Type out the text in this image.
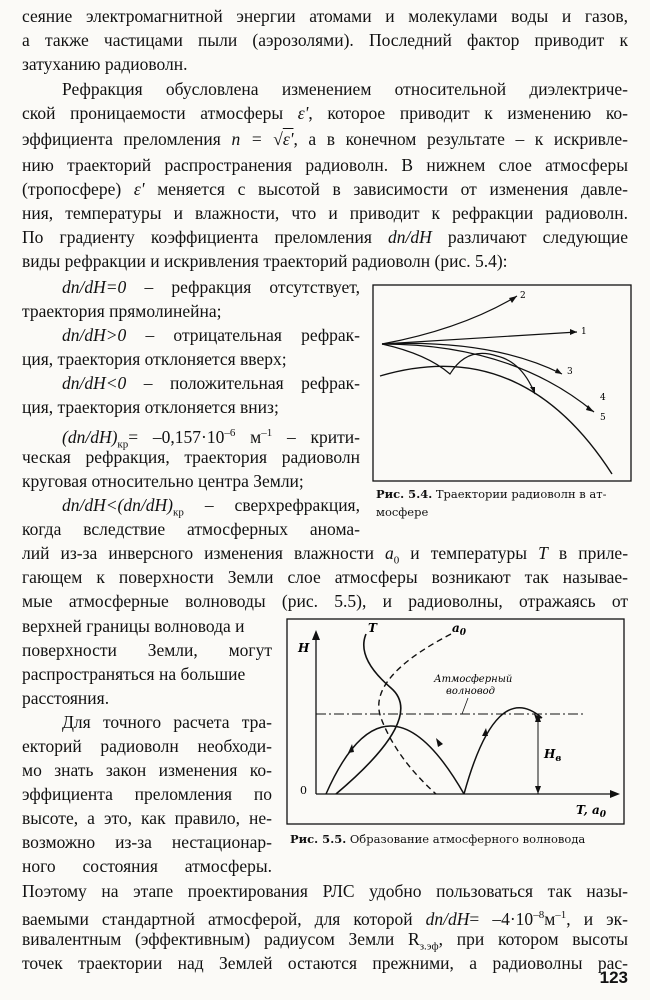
сеяние электромагнитной энергии атомами и молекулами воды и газов,
а также частицами пыли (аэрозолями). Последний фактор приводит к
затуханию радиоволн.
Рефракция обусловлена изменением относительной диэлектриче-
ской проницаемости атмосферы ε', которое приводит к изменению ко-
эффициента преломления n = √ε', а в конечном результате – к искривле-
нию траекторий распространения радиоволн. В нижнем слое атмосферы
(тропосфере) ε' меняется с высотой в зависимости от изменения давле-
ния, температуры и влажности, что и приводит к рефракции радиоволн.
По градиенту коэффициента преломления dn/dH различают следующие
виды рефракции и искривления траекторий радиоволн (рис. 5.4):
dn/dH=0 – рефракция отсутствует,
траектория прямолинейна;
dn/dH>0 – отрицательная рефрак-
ция, траектория отклоняется вверх;
dn/dH<0 – положительная рефрак-
ция, траектория отклоняется вниз;
$(dn/dH)_{кр}= -0,157\cdot 10^{-6}$ $м^{-1}$ – крити-
ческая рефракция, траектория радиоволн
круговая относительно центра Земли;
$dn/dH<(dn/dH)_{кр}$ – сверхрефракция,
когда вследствие атмосферных анома-
2
1
3
4
5
Рис. 5.4. Траектории радиоволн в ат-
мосфере
лий из-за инверсного изменения влажности $a_0$ и температуры T в приле-
гающем к поверхности Земли слое атмосферы возникают так называе-
мые атмосферные волноводы (рис. 5.5), и радиоволны, отражаясь от
верхней границы волновода и
поверхности Земли, могут
распространяться на большие
расстояния.
Для точного расчета тра-
екторий радиоволн необходи-
мо знать закон изменения ко-
эффициента преломления по
высоте, а это, как правило, не-
возможно из-за нестационар-
ного состояния атмосферы.
H
0
T, $a_0$
T	$a_0$
Атмосферный
волновод
$H_в$
Рис. 5.5. Образование атмосферного волновода
Поэтому на этапе проектирования РЛС удобно пользоваться так назы-
ваемыми стандартной атмосферой, для которой $dn/dH= -4\cdot 10^{-8}м^{-1}$, и эк-
вивалентным (эффективным) радиусом Земли $R_{з.эф}$, при котором высоты
точек траектории над Землей остаются прежними, а радиоволны рас-
123
